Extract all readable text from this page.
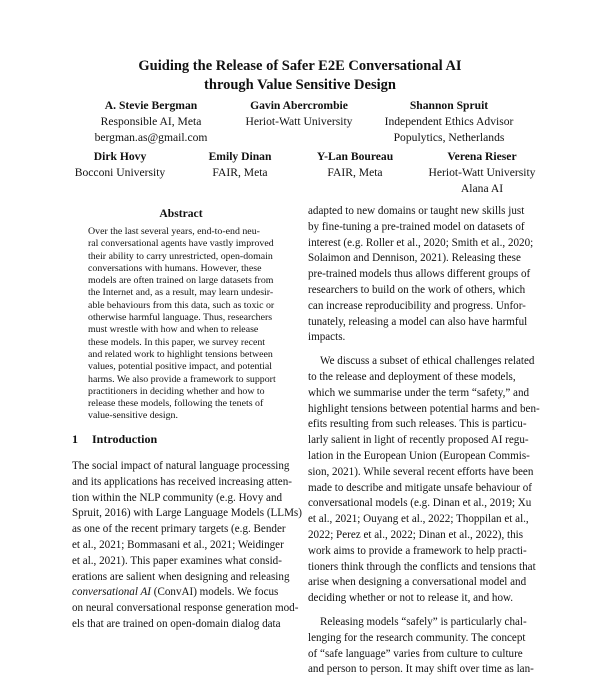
Guiding the Release of Safer E2E Conversational AI
through Value Sensitive Design
A. Stevie Bergman
Responsible AI, Meta
bergman.as@gmail.com
Gavin Abercrombie
Heriot-Watt University
Shannon Spruit
Independent Ethics Advisor
Populytics, Netherlands
Dirk Hovy
Bocconi University
Emily Dinan
FAIR, Meta
Y-Lan Boureau
FAIR, Meta
Verena Rieser
Heriot-Watt University
Alana AI
Abstract
Over the last several years, end-to-end neu-
ral conversational agents have vastly improved
their ability to carry unrestricted, open-domain
conversations with humans. However, these
models are often trained on large datasets from
the Internet and, as a result, may learn undesir-
able behaviours from this data, such as toxic or
otherwise harmful language. Thus, researchers
must wrestle with how and when to release
these models. In this paper, we survey recent
and related work to highlight tensions between
values, potential positive impact, and potential
harms. We also provide a framework to support
practitioners in deciding whether and how to
release these models, following the tenets of
value-sensitive design.
1 Introduction
The social impact of natural language processing
and its applications has received increasing atten-
tion within the NLP community (e.g. Hovy and
Spruit, 2016) with Large Language Models (LLMs)
as one of the recent primary targets (e.g. Bender
et al., 2021; Bommasani et al., 2021; Weidinger
et al., 2021). This paper examines what consid-
erations are salient when designing and releasing
conversational AI (ConvAI) models. We focus
on neural conversational response generation mod-
els that are trained on open-domain dialog data
adapted to new domains or taught new skills just
by fine-tuning a pre-trained model on datasets of
interest (e.g. Roller et al., 2020; Smith et al., 2020;
Solaimon and Dennison, 2021). Releasing these
pre-trained models thus allows different groups of
researchers to build on the work of others, which
can increase reproducibility and progress. Unfor-
tunately, releasing a model can also have harmful
impacts.
We discuss a subset of ethical challenges related
to the release and deployment of these models,
which we summarise under the term “safety,” and
highlight tensions between potential harms and ben-
efits resulting from such releases. This is particu-
larly salient in light of recently proposed AI regu-
lation in the European Union (European Commis-
sion, 2021). While several recent efforts have been
made to describe and mitigate unsafe behaviour of
conversational models (e.g. Dinan et al., 2019; Xu
et al., 2021; Ouyang et al., 2022; Thoppilan et al.,
2022; Perez et al., 2022; Dinan et al., 2022), this
work aims to provide a framework to help practi-
tioners think through the conflicts and tensions that
arise when designing a conversational model and
deciding whether or not to release it, and how.
Releasing models “safely” is particularly chal-
lenging for the research community. The concept
of “safe language” varies from culture to culture
and person to person. It may shift over time as lan-
